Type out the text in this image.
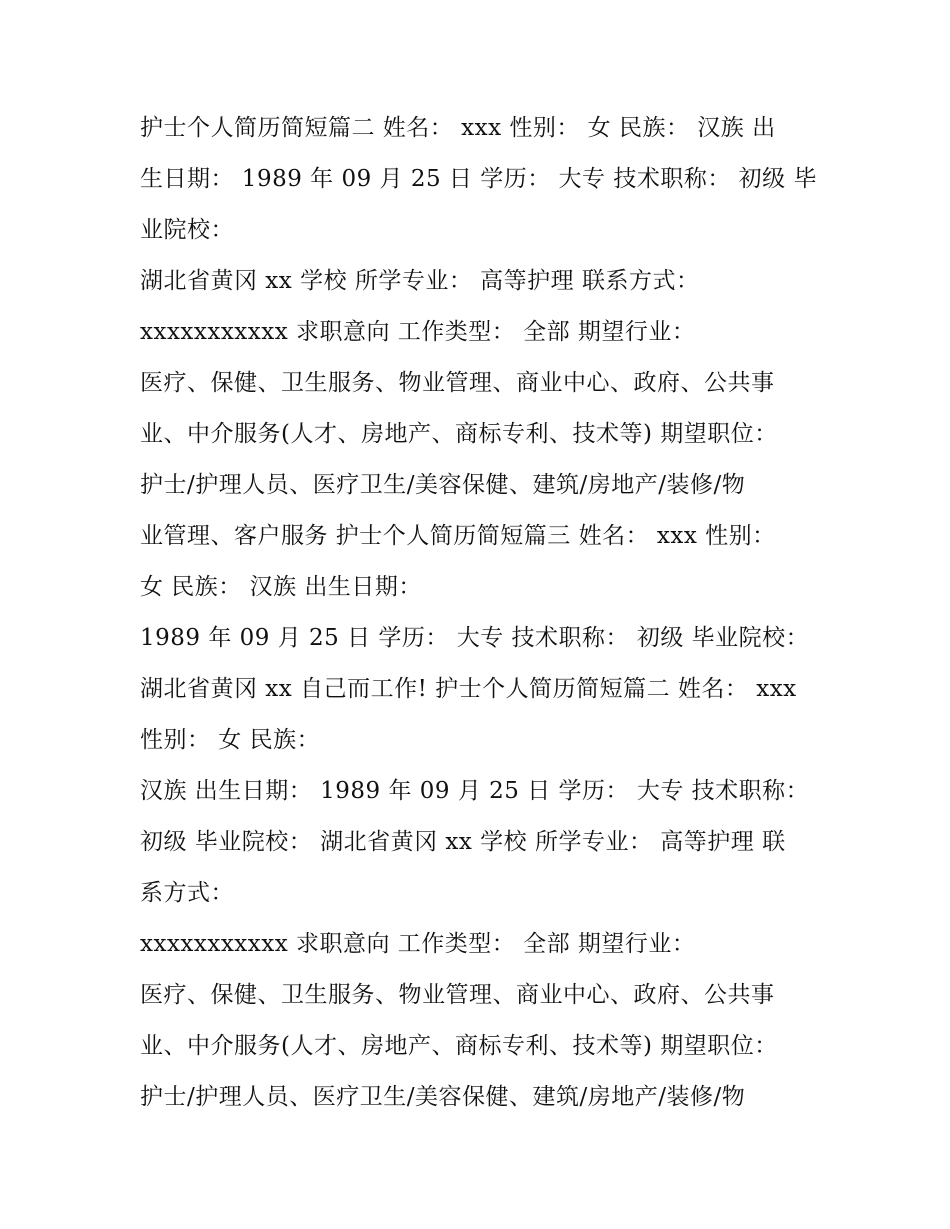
护士个人简历简短篇二 姓名： xxx 性别： 女 民族： 汉族 出
生日期： 1989 年 09 月 25 日 学历： 大专 技术职称： 初级 毕
业院校：
湖北省黄冈 xx 学校 所学专业： 高等护理 联系方式：
xxxxxxxxxxx 求职意向 工作类型： 全部 期望行业：
医疗、保健、卫生服务、物业管理、商业中心、政府、公共事
业、中介服务(人才、房地产、商标专利、技术等) 期望职位：
护士/护理人员、医疗卫生/美容保健、建筑/房地产/装修/物
业管理、客户服务 护士个人简历简短篇三 姓名： xxx 性别：
女 民族： 汉族 出生日期：
1989 年 09 月 25 日 学历： 大专 技术职称： 初级 毕业院校：
湖北省黄冈 xx 自己而工作! 护士个人简历简短篇二 姓名： xxx
性别： 女 民族：
汉族 出生日期： 1989 年 09 月 25 日 学历： 大专 技术职称：
初级 毕业院校： 湖北省黄冈 xx 学校 所学专业： 高等护理 联
系方式：
xxxxxxxxxxx 求职意向 工作类型： 全部 期望行业：
医疗、保健、卫生服务、物业管理、商业中心、政府、公共事
业、中介服务(人才、房地产、商标专利、技术等) 期望职位：
护士/护理人员、医疗卫生/美容保健、建筑/房地产/装修/物
